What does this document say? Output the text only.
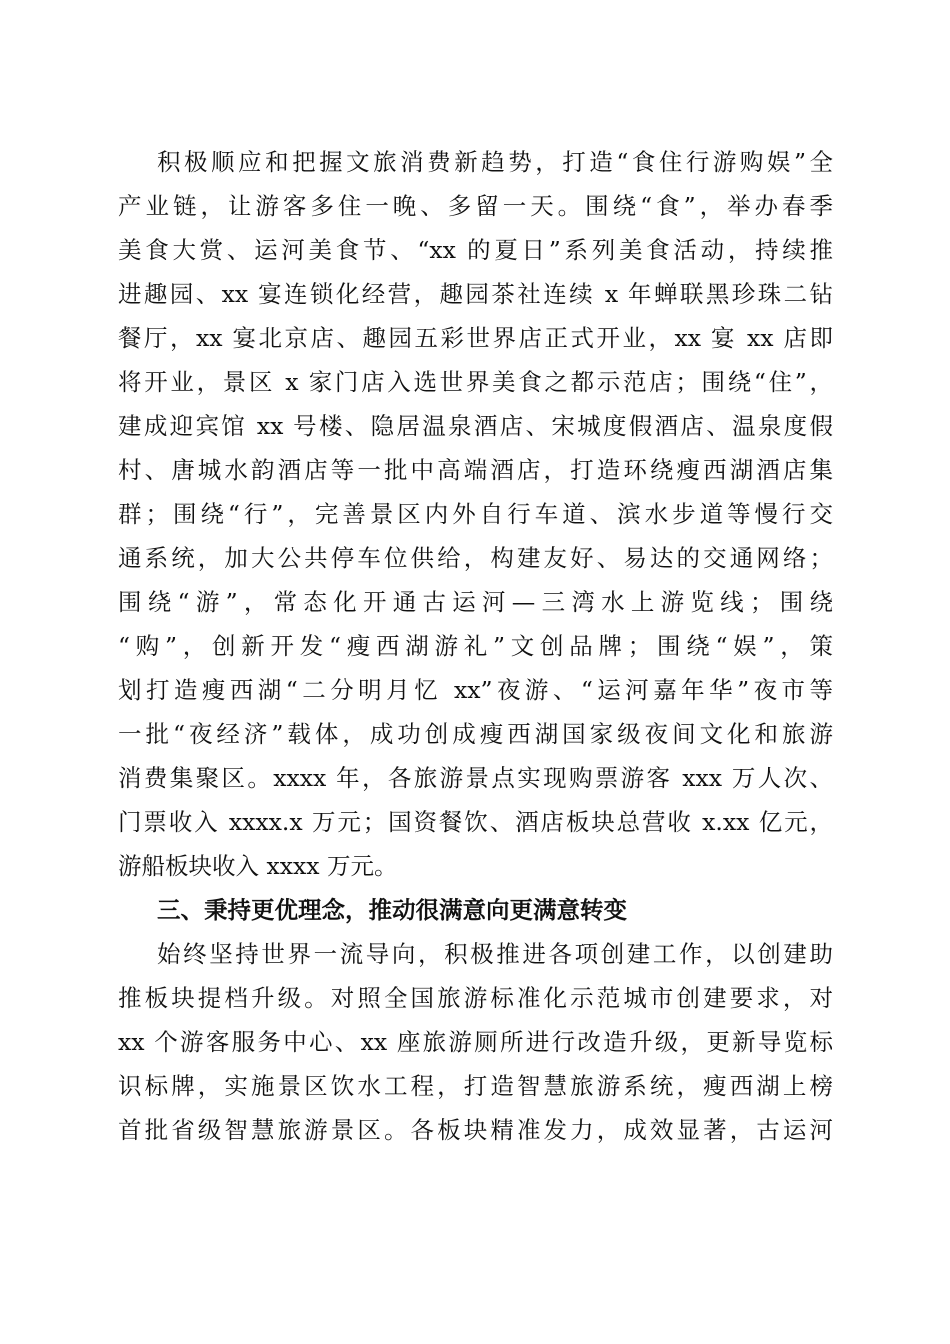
积极顺应和把握文旅消费新趋势，打造“食住行游购娱”全
产业链，让游客多住一晚、多留一天。围绕“食”，举办春季
美食大赏、运河美食节、“xx 的夏日”系列美食活动，持续推
进趣园、xx 宴连锁化经营，趣园茶社连续 x 年蝉联黑珍珠二钻
餐厅，xx 宴北京店、趣园五彩世界店正式开业，xx 宴 xx 店即
将开业，景区 x 家门店入选世界美食之都示范店；围绕“住”，
建成迎宾馆 xx 号楼、隐居温泉酒店、宋城度假酒店、温泉度假
村、唐城水韵酒店等一批中高端酒店，打造环绕瘦西湖酒店集
群；围绕“行”，完善景区内外自行车道、滨水步道等慢行交
通系统，加大公共停车位供给，构建友好、易达的交通网络；
围绕“游”，常态化开通古运河—三湾水上游览线；围绕
“购”，创新开发“瘦西湖游礼”文创品牌；围绕“娱”，策
划打造瘦西湖“二分明月忆 xx”夜游、“运河嘉年华”夜市等
一批“夜经济”载体，成功创成瘦西湖国家级夜间文化和旅游
消费集聚区。xxxx 年，各旅游景点实现购票游客 xxx 万人次、
门票收入 xxxx.x 万元；国资餐饮、酒店板块总营收 x.xx 亿元，
游船板块收入 xxxx 万元。
三、秉持更优理念，推动很满意向更满意转变
始终坚持世界一流导向，积极推进各项创建工作，以创建助
推板块提档升级。对照全国旅游标准化示范城市创建要求，对
xx 个游客服务中心、xx 座旅游厕所进行改造升级，更新导览标
识标牌，实施景区饮水工程，打造智慧旅游系统，瘦西湖上榜
首批省级智慧旅游景区。各板块精准发力，成效显著，古运河
